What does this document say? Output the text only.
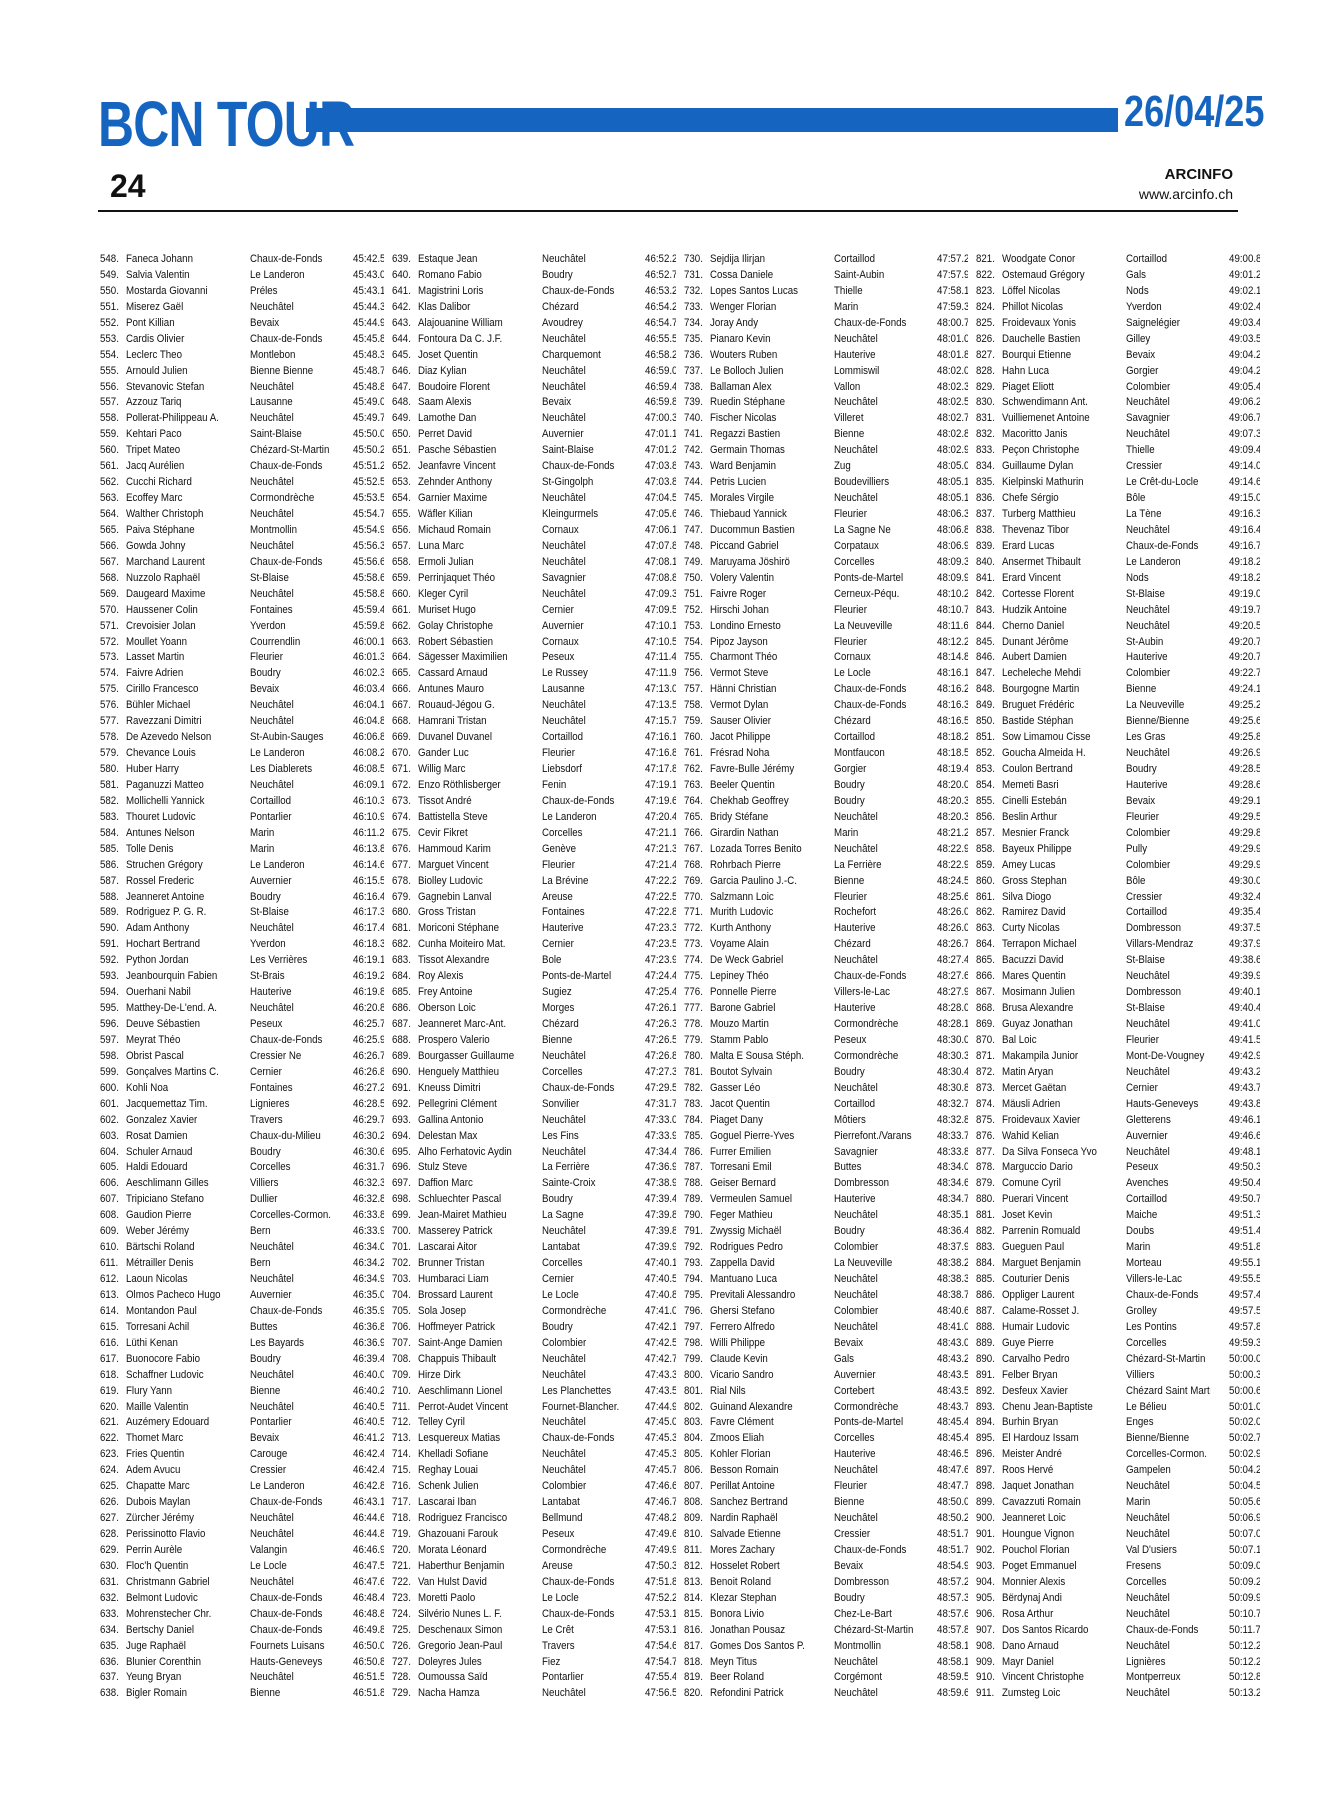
BCN TOUR	26/04/25
24	ARCINFO
www.arcinfo.ch
548. Faneca Johann	Chaux-de-Fonds	45:42.5
549. Salvia Valentin	Le Landeron	45:43.0
550. Mostarda Giovanni	Préles	45:43.1
551. Miserez Gaël	Neuchâtel	45:44.3
552. Pont Killian	Bevaix	45:44.9
553. Cardis Olivier	Chaux-de-Fonds	45:45.8
554. Leclerc Theo	Montlebon	45:48.3
555. Arnould Julien	Bienne Bienne	45:48.7
556. Stevanovic Stefan	Neuchâtel	45:48.8
557. Azzouz Tariq	Lausanne	45:49.0
558. Pollerat-Philippeau A.	Neuchâtel	45:49.7
559. Kehtari Paco	Saint-Blaise	45:50.0
560. Tripet Mateo	Chézard-St-Martin	45:50.2
561. Jacq Aurélien	Chaux-de-Fonds	45:51.2
562. Cucchi Richard	Neuchâtel	45:52.5
563. Ecoffey Marc	Cormondrèche	45:53.5
564. Walther Christoph	Neuchâtel	45:54.7
565. Paiva Stéphane	Montmollin	45:54.9
566. Gowda Johny	Neuchâtel	45:56.3
567. Marchand Laurent	Chaux-de-Fonds	45:56.6
568. Nuzzolo Raphaël	St-Blaise	45:58.6
569. Daugeard Maxime	Neuchâtel	45:58.8
570. Haussener Colin	Fontaines	45:59.4
571. Crevoisier Jolan	Yverdon	45:59.8
572. Moullet Yoann	Courrendlin	46:00.1
573. Lasset Martin	Fleurier	46:01.3
574. Faivre Adrien	Boudry	46:02.3
575. Cirillo Francesco	Bevaix	46:03.4
576. Bühler Michael	Neuchâtel	46:04.1
577. Ravezzani Dimitri	Neuchâtel	46:04.8
578. De Azevedo Nelson	St-Aubin-Sauges	46:06.8
579. Chevance Louis	Le Landeron	46:08.2
580. Huber Harry	Les Diablerets	46:08.5
581. Paganuzzi Matteo	Neuchâtel	46:09.1
582. Mollichelli Yannick	Cortaillod	46:10.3
583. Thouret Ludovic	Pontarlier	46:10.9
584. Antunes Nelson	Marin	46:11.2
585. Tolle Denis	Marin	46:13.8
586. Struchen Grégory	Le Landeron	46:14.6
587. Rossel Frederic	Auvernier	46:15.5
588. Jeanneret Antoine	Boudry	46:16.4
589. Rodriguez P. G. R.	St-Blaise	46:17.3
590. Adam Anthony	Neuchâtel	46:17.4
591. Hochart Bertrand	Yverdon	46:18.3
592. Python Jordan	Les Verrières	46:19.1
593. Jeanbourquin Fabien	St-Brais	46:19.2
594. Ouerhani Nabil	Hauterive	46:19.8
595. Matthey-De-L'end. A.	Neuchâtel	46:20.8
596. Deuve Sébastien	Peseux	46:25.7
597. Meyrat Théo	Chaux-de-Fonds	46:25.9
598. Obrist Pascal	Cressier Ne	46:26.7
599. Gonçalves Martins C.	Cernier	46:26.8
600. Kohli Noa	Fontaines	46:27.2
601. Jacquemettaz Tim.	Lignieres	46:28.5
602. Gonzalez Xavier	Travers	46:29.7
603. Rosat Damien	Chaux-du-Milieu	46:30.2
604. Schuler Arnaud	Boudry	46:30.6
605. Haldi Edouard	Corcelles	46:31.7
606. Aeschlimann Gilles	Villiers	46:32.3
607. Tripiciano Stefano	Dullier	46:32.8
608. Gaudion Pierre	Corcelles-Cormon. 46:33.8
609. Weber Jérémy	Bern	46:33.9
610. Bärtschi Roland	Neuchâtel	46:34.0
611. Métrailler Denis	Bern	46:34.2
612. Laoun Nicolas	Neuchâtel	46:34.9
613. Olmos Pacheco Hugo	Auvernier	46:35.0
614. Montandon Paul	Chaux-de-Fonds	46:35.9
615. Torresani Achil	Buttes	46:36.8
616. Lüthi Kenan	Les Bayards	46:36.9
617. Buonocore Fabio	Boudry	46:39.4
618. Schaffner Ludovic	Neuchâtel	46:40.0
619. Flury Yann	Bienne	46:40.2
620. Maille Valentin	Neuchâtel	46:40.5
621. Auzémery Edouard	Pontarlier	46:40.5
622. Thomet Marc	Bevaix	46:41.2
623. Fries Quentin	Carouge	46:42.4
624. Adem Avucu	Cressier	46:42.4
625. Chapatte Marc	Le Landeron	46:42.8
626. Dubois Maylan	Chaux-de-Fonds	46:43.1
627. Zürcher Jérémy	Neuchâtel	46:44.6
628. Perissinotto Flavio	Neuchâtel	46:44.8
629. Perrin Aurèle	Valangin	46:46.9
630. Floc'h Quentin	Le Locle	46:47.5
631. Christmann Gabriel	Neuchâtel	46:47.6
632. Belmont Ludovic	Chaux-de-Fonds	46:48.4
633. Mohrenstecher Chr.	Chaux-de-Fonds	46:48.8
634. Bertschy Daniel	Chaux-de-Fonds	46:49.8
635. Juge Raphaël	Fournets Luisans	46:50.0
636. Blunier Corenthin	Hauts-Geneveys	46:50.8
637. Yeung Bryan	Neuchâtel	46:51.5
638. Bigler Romain	Bienne	46:51.8
639. Estaque Jean	Neuchâtel	46:52.2
640. Romano Fabio	Boudry	46:52.7
641. Magistrini Loris	Chaux-de-Fonds	46:53.2
642. Klas Dalibor	Chézard	46:54.2
643. Alajouanine William	Avoudrey	46:54.7
644. Fontoura Da C. J.F.	Neuchâtel	46:55.5
645. Joset Quentin	Charquemont	46:58.2
646. Diaz Kylian	Neuchâtel	46:59.0
647. Boudoire Florent	Neuchâtel	46:59.4
648. Saam Alexis	Bevaix	46:59.8
649. Lamothe Dan	Neuchâtel	47:00.3
650. Perret David	Auvernier	47:01.1
651. Pasche Sébastien	Saint-Blaise	47:01.2
652. Jeanfavre Vincent	Chaux-de-Fonds	47:03.8
653. Zehnder Anthony	St-Gingolph	47:03.8
654. Garnier Maxime	Neuchâtel	47:04.5
655. Wäfler Kilian	Kleingurmels	47:05.6
656. Michaud Romain	Cornaux	47:06.1
657. Luna Marc	Neuchâtel	47:07.8
658. Ermoli Julian	Neuchâtel	47:08.1
659. Perrinjaquet Théo	Savagnier	47:08.8
660. Kleger Cyril	Neuchâtel	47:09.3
661. Muriset Hugo	Cernier	47:09.5
662. Golay Christophe	Auvernier	47:10.1
663. Robert Sébastien	Cornaux	47:10.5
664. Sägesser Maximilien	Peseux	47:11.4
665. Cassard Arnaud	Le Russey	47:11.9
666. Antunes Mauro	Lausanne	47:13.0
667. Rouaud-Jégou G.	Neuchâtel	47:13.5
668. Hamrani Tristan	Neuchâtel	47:15.7
669. Duvanel Duvanel	Cortaillod	47:16.1
670. Gander Luc	Fleurier	47:16.8
671. Willig Marc	Liebsdorf	47:17.8
672. Enzo Röthlisberger	Fenin	47:19.1
673. Tissot André	Chaux-de-Fonds	47:19.6
674. Battistella Steve	Le Landeron	47:20.4
675. Cevir Fikret	Corcelles	47:21.1
676. Hammoud Karim	Genève	47:21.3
677. Marguet Vincent	Fleurier	47:21.4
678. Biolley Ludovic	La Brévine	47:22.2
679. Gagnebin Lanval	Areuse	47:22.5
680. Gross Tristan	Fontaines	47:22.8
681. Moriconi Stéphane	Hauterive	47:23.3
682. Cunha Moiteiro Mat.	Cernier	47:23.5
683. Tissot Alexandre	Bole	47:23.9
684. Roy Alexis	Ponts-de-Martel	47:24.4
685. Frey Antoine	Sugiez	47:25.4
686. Oberson Loic	Morges	47:26.1
687. Jeanneret Marc-Ant.	Chézard	47:26.3
688. Prospero Valerio	Bienne	47:26.5
689. Bourgasser Guillaume	Neuchâtel	47:26.8
690. Henguely Matthieu	Corcelles	47:27.3
691. Kneuss Dimitri	Chaux-de-Fonds	47:29.5
692. Pellegrini Clément	Sonvilier	47:31.7
693. Gallina Antonio	Neuchâtel	47:33.0
694. Delestan Max	Les Fins	47:33.9
695. Alho Ferhatovic Aydin	Neuchâtel	47:34.4
696. Stulz Steve	La Ferrière	47:36.9
697. Daffion Marc	Sainte-Croix	47:38.9
698. Schluechter Pascal	Boudry	47:39.4
699. Jean-Mairet Mathieu	La Sagne	47:39.8
700. Masserey Patrick	Neuchâtel	47:39.8
701. Lascarai Aitor	Lantabat	47:39.9
702. Brunner Tristan	Corcelles	47:40.1
703. Humbaraci Liam	Cernier	47:40.5
704. Brossard Laurent	Le Locle	47:40.8
705. Sola Josep	Cormondrèche	47:41.0
706. Hoffmeyer Patrick	Boudry	47:42.1
707. Saint-Ange Damien	Colombier	47:42.5
708. Chappuis Thibault	Neuchâtel	47:42.7
709. Hirze Dirk	Neuchâtel	47:43.3
710. Aeschlimann Lionel	Les Planchettes	47:43.5
711. Perrot-Audet Vincent	Fournet-Blancher.	47:44.9
712. Telley Cyril	Neuchâtel	47:45.0
713. Lesquereux Matias	Chaux-de-Fonds	47:45.3
714. Khelladi Sofiane	Neuchâtel	47:45.3
715. Reghay Louai	Neuchâtel	47:45.7
716. Schenk Julien	Colombier	47:46.6
717. Lascarai Iban	Lantabat	47:46.7
718. Rodriguez Francisco	Bellmund	47:48.2
719. Ghazouani Farouk	Peseux	47:49.6
720. Morata Léonard	Cormondrèche	47:49.9
721. Haberthur Benjamin	Areuse	47:50.3
722. Van Hulst David	Chaux-de-Fonds	47:51.8
723. Moretti Paolo	Le Locle	47:52.2
724. Silvério Nunes L. F.	Chaux-de-Fonds	47:53.1
725. Deschenaux Simon	Le Crêt	47:53.1
726. Gregorio Jean-Paul	Travers	47:54.6
727. Doleyres Jules	Fiez	47:54.7
728. Oumoussa Saïd	Pontarlier	47:55.4
729. Nacha Hamza	Neuchâtel	47:56.5
730. Sejdija Ilirjan	Cortaillod	47:57.2
731. Cossa Daniele	Saint-Aubin	47:57.9
732. Lopes Santos Lucas	Thielle	47:58.1
733. Wenger Florian	Marin	47:59.3
734. Joray Andy	Chaux-de-Fonds	48:00.7
735. Pianaro Kevin	Neuchâtel	48:01.0
736. Wouters Ruben	Hauterive	48:01.8
737. Le Bolloch Julien	Lommiswil	48:02.0
738. Ballaman Alex	Vallon	48:02.3
739. Ruedin Stéphane	Neuchâtel	48:02.5
740. Fischer Nicolas	Villeret	48:02.7
741. Regazzi Bastien	Bienne	48:02.8
742. Germain Thomas	Neuchâtel	48:02.9
743. Ward Benjamin	Zug	48:05.0
744. Petris Lucien	Boudevilliers	48:05.1
745. Morales Virgile	Neuchâtel	48:05.1
746. Thiebaud Yannick	Fleurier	48:06.3
747. Ducommun Bastien	La Sagne Ne	48:06.8
748. Piccand Gabriel	Corpataux	48:06.9
749. Maruyama Jöshirö	Corcelles	48:09.3
750. Volery Valentin	Ponts-de-Martel	48:09.9
751. Faivre Roger	Cerneux-Péqu.	48:10.2
752. Hirschi Johan	Fleurier	48:10.7
753. Londino Ernesto	La Neuveville	48:11.6
754. Pipoz Jayson	Fleurier	48:12.2
755. Charmont Théo	Cornaux	48:14.8
756. Vermot Steve	Le Locle	48:16.1
757. Hänni Christian	Chaux-de-Fonds	48:16.2
758. Vermot Dylan	Chaux-de-Fonds	48:16.3
759. Sauser Olivier	Chézard	48:16.5
760. Jacot Philippe	Cortaillod	48:18.2
761. Frésrad Noha	Montfaucon	48:18.5
762. Favre-Bulle Jérémy	Gorgier	48:19.4
763. Beeler Quentin	Boudry	48:20.0
764. Chekhab Geoffrey	Boudry	48:20.3
765. Bridy Stéfane	Neuchâtel	48:20.3
766. Girardin Nathan	Marin	48:21.2
767. Lozada Torres Benito	Neuchâtel	48:22.9
768. Rohrbach Pierre	La Ferrière	48:22.9
769. Garcia Paulino J.-C.	Bienne	48:24.5
770. Salzmann Loic	Fleurier	48:25.6
771. Murith Ludovic	Rochefort	48:26.0
772. Kurth Anthony	Hauterive	48:26.0
773. Voyame Alain	Chézard	48:26.7
774. De Weck Gabriel	Neuchâtel	48:27.4
775. Lepiney Théo	Chaux-de-Fonds	48:27.6
776. Ponnelle Pierre	Villers-le-Lac	48:27.9
777. Barone Gabriel	Hauterive	48:28.0
778. Mouzo Martin	Cormondrèche	48:28.1
779. Stamm Pablo	Peseux	48:30.0
780. Malta E Sousa Stéph.	Cormondrèche	48:30.3
781. Boutot Sylvain	Boudry	48:30.4
782. Gasser Léo	Neuchâtel	48:30.8
783. Jacot Quentin	Cortaillod	48:32.7
784. Piaget Dany	Môtiers	48:32.8
785. Goguel Pierre-Yves	Pierrefont./Varans	48:33.7
786. Furrer Emilien	Savagnier	48:33.8
787. Torresani Emil	Buttes	48:34.0
788. Geiser Bernard	Dombresson	48:34.6
789. Vermeulen Samuel	Hauterive	48:34.7
790. Feger Mathieu	Neuchâtel	48:35.1
791. Zwyssig Michaël	Boudry	48:36.4
792. Rodrigues Pedro	Colombier	48:37.9
793. Zappella David	La Neuveville	48:38.2
794. Mantuano Luca	Neuchâtel	48:38.3
795. Previtali Alessandro	Neuchâtel	48:38.7
796. Ghersi Stefano	Colombier	48:40.6
797. Ferrero Alfredo	Neuchâtel	48:41.0
798. Willi Philippe	Bevaix	48:43.0
799. Claude Kevin	Gals	48:43.2
800. Vicario Sandro	Auvernier	48:43.5
801. Rial Nils	Cortebert	48:43.5
802. Guinand Alexandre	Cormondrèche	48:43.7
803. Favre Clément	Ponts-de-Martel	48:45.4
804. Zmoos Eliah	Corcelles	48:45.4
805. Kohler Florian	Hauterive	48:46.5
806. Besson Romain	Neuchâtel	48:47.6
807. Perillat Antoine	Fleurier	48:47.7
808. Sanchez Bertrand	Bienne	48:50.0
809. Nardin Raphaël	Neuchâtel	48:50.2
810. Salvade Etienne	Cressier	48:51.7
811. Mores Zachary	Chaux-de-Fonds	48:51.7
812. Hosselet Robert	Bevaix	48:54.9
813. Benoit Roland	Dombresson	48:57.2
814. Klezar Stephan	Boudry	48:57.3
815. Bonora Livio	Chez-Le-Bart	48:57.6
816. Jonathan Pousaz	Chézard-St-Martin	48:57.8
817. Gomes Dos Santos P.	Montmollin	48:58.1
818. Meyn Titus	Neuchâtel	48:58.1
819. Beer Roland	Corgémont	48:59.5
820. Refondini Patrick	Neuchâtel	48:59.6
821. Woodgate Conor	Cortaillod	49:00.8
822. Ostemaud Grégory	Gals	49:01.2
823. Löffel Nicolas	Nods	49:02.1
824. Phillot Nicolas	Yverdon	49:02.4
825. Froidevaux Yonis	Saignelégier	49:03.4
826. Dauchelle Bastien	Gilley	49:03.5
827. Bourqui Etienne	Bevaix	49:04.2
828. Hahn Luca	Gorgier	49:04.2
829. Piaget Eliott	Colombier	49:05.4
830. Schwendimann Ant.	Neuchâtel	49:06.2
831. Vuilliemenet Antoine	Savagnier	49:06.7
832. Macoritto Janis	Neuchâtel	49:07.3
833. Peçon Christophe	Thielle	49:09.4
834. Guillaume Dylan	Cressier	49:14.0
835. Kielpinski Mathurin	Le Crêt-du-Locle	49:14.6
836. Chefe Sérgio	Bôle	49:15.0
837. Turberg Matthieu	La Tène	49:16.3
838. Thevenaz Tibor	Neuchâtel	49:16.4
839. Erard Lucas	Chaux-de-Fonds	49:16.7
840. Ansermet Thibault	Le Landeron	49:18.2
841. Erard Vincent	Nods	49:18.2
842. Cortesse Florent	St-Blaise	49:19.0
843. Hudzik Antoine	Neuchâtel	49:19.7
844. Cherno Daniel	Neuchâtel	49:20.5
845. Dunant Jérôme	St-Aubin	49:20.7
846. Aubert Damien	Hauterive	49:20.7
847. Lecheleche Mehdi	Colombier	49:22.7
848. Bourgogne Martin	Bienne	49:24.1
849. Bruguet Frédéric	La Neuveville	49:25.2
850. Bastide Stéphan	Bienne/Bienne	49:25.6
851. Sow Limamou Cisse	Les Gras	49:25.8
852. Goucha Almeida H.	Neuchâtel	49:26.9
853. Coulon Bertrand	Boudry	49:28.5
854. Memeti Basri	Hauterive	49:28.6
855. Cinelli Estebán	Bevaix	49:29.1
856. Beslin Arthur	Fleurier	49:29.5
857. Mesnier Franck	Colombier	49:29.8
858. Bayeux Philippe	Pully	49:29.9
859. Amey Lucas	Colombier	49:29.9
860. Gross Stephan	Bôle	49:30.0
861. Silva Diogo	Cressier	49:32.4
862. Ramirez David	Cortaillod	49:35.4
863. Curty Nicolas	Dombresson	49:37.5
864. Terrapon Michael	Villars-Mendraz	49:37.9
865. Bacuzzi David	St-Blaise	49:38.6
866. Mares Quentin	Neuchâtel	49:39.9
867. Mosimann Julien	Dombresson	49:40.1
868. Brusa Alexandre	St-Blaise	49:40.4
869. Guyaz Jonathan	Neuchâtel	49:41.0
870. Bal Loic	Fleurier	49:41.5
871. Makampila Junior	Mont-De-Vougney	49:42.9
872. Matin Aryan	Neuchâtel	49:43.2
873. Mercet Gaëtan	Cernier	49:43.7
874. Mäusli Adrien	Hauts-Geneveys	49:43.8
875. Froidevaux Xavier	Gletterens	49:46.1
876. Wahid Kelian	Auvernier	49:46.6
877. Da Silva Fonseca Yvo	Neuchâtel	49:48.1
878. Marguccio Dario	Peseux	49:50.3
879. Comune Cyril	Avenches	49:50.4
880. Puerari Vincent	Cortaillod	49:50.7
881. Joset Kevin	Maiche	49:51.3
882. Parrenin Romuald	Doubs	49:51.4
883. Gueguen Paul	Marin	49:51.8
884. Marguet Benjamin	Morteau	49:55.1
885. Couturier Denis	Villers-le-Lac	49:55.5
886. Oppliger Laurent	Chaux-de-Fonds	49:57.4
887. Calame-Rosset J.	Grolley	49:57.5
888. Humair Ludovic	Les Pontins	49:57.8
889. Guye Pierre	Corcelles	49:59.3
890. Carvalho Pedro	Chézard-St-Martin	50:00.0
891. Felber Bryan	Villiers	50:00.3
892. Desfeux Xavier	Chézard Saint Martin 50:00.6
893. Chenu Jean-Baptiste	Le Bélieu	50:01.0
894. Burhin Bryan	Enges	50:02.0
895. El Hardouz Issam	Bienne/Bienne	50:02.7
896. Meister André	Corcelles-Cormon. 50:02.9
897. Roos Hervé	Gampelen	50:04.2
898. Jaquet Jonathan	Neuchâtel	50:04.5
899. Cavazzuti Romain	Marin	50:05.6
900. Jeanneret Loic	Neuchâtel	50:06.9
901. Houngue Vignon	Neuchâtel	50:07.0
902. Pouchol Florian	Val D'usiers	50:07.1
903. Poget Emmanuel	Fresens	50:09.0
904. Monnier Alexis	Corcelles	50:09.2
905. Bërdynaj Andi	Neuchâtel	50:09.9
906. Rosa Arthur	Neuchâtel	50:10.7
907. Dos Santos Ricardo	Chaux-de-Fonds	50:11.7
908. Dano Arnaud	Neuchâtel	50:12.2
909. Mayr Daniel	Lignières	50:12.2
910. Vincent Christophe	Montperreux	50:12.8
911. Zumsteg Loic	Neuchâtel	50:13.2
